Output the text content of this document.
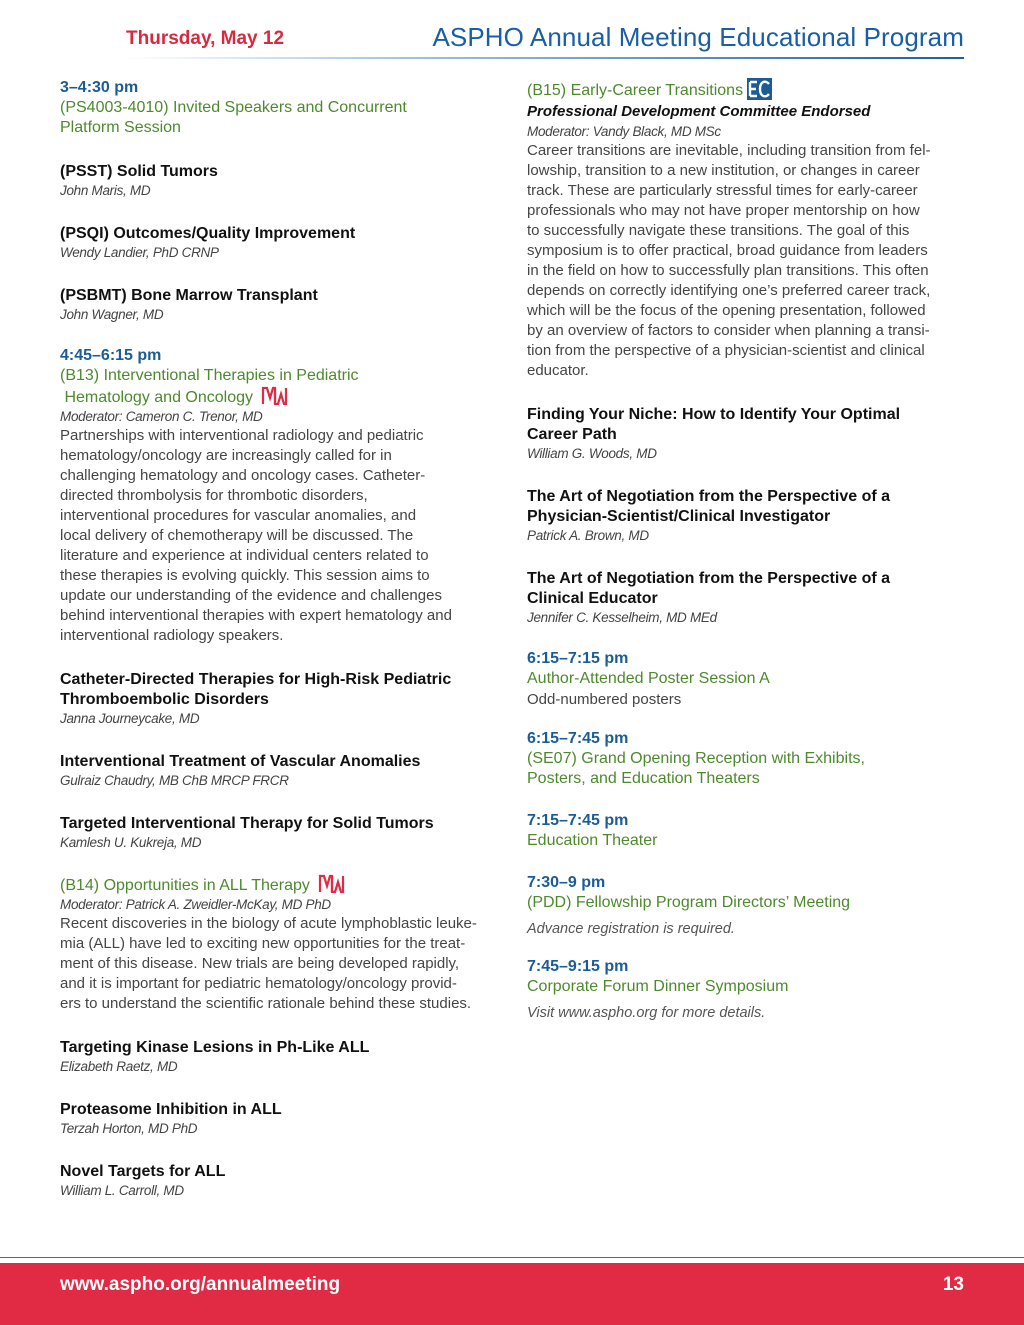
Thursday, May 12	ASPHO Annual Meeting Educational Program
3–4:30 pm
(PS4003-4010) Invited Speakers and Concurrent
Platform Session
(PSST) Solid Tumors
John Maris, MD
(PSQI) Outcomes/Quality Improvement
Wendy Landier, PhD CRNP
(PSBMT) Bone Marrow Transplant
John Wagner, MD
4:45–6:15 pm
(B13) Interventional Therapies in Pediatric
Hematology and Oncology
Moderator: Cameron C. Trenor, MD
Partnerships with interventional radiology and pediatric
hematology/oncology are increasingly called for in
challenging hematology and oncology cases. Catheter-
directed thrombolysis for thrombotic disorders,
interventional procedures for vascular anomalies, and
local delivery of chemotherapy will be discussed. The
literature and experience at individual centers related to
these therapies is evolving quickly. This session aims to
update our understanding of the evidence and challenges
behind interventional therapies with expert hematology and
interventional radiology speakers.
Catheter-Directed Therapies for High-Risk Pediatric
Thromboembolic Disorders
Janna Journeycake, MD
Interventional Treatment of Vascular Anomalies
Gulraiz Chaudry, MB ChB MRCP FRCR
Targeted Interventional Therapy for Solid Tumors
Kamlesh U. Kukreja, MD
(B14) Opportunities in ALL Therapy
Moderator: Patrick A. Zweidler-McKay, MD PhD
Recent discoveries in the biology of acute lymphoblastic leuke-
mia (ALL) have led to exciting new opportunities for the treat-
ment of this disease. New trials are being developed rapidly,
and it is important for pediatric hematology/oncology provid-
ers to understand the scientific rationale behind these studies.
Targeting Kinase Lesions in Ph-Like ALL
Elizabeth Raetz, MD
Proteasome Inhibition in ALL
Terzah Horton, MD PhD
Novel Targets for ALL
William L. Carroll, MD
(B15) Early-Career Transitions
Professional Development Committee Endorsed
Moderator: Vandy Black, MD MSc
Career transitions are inevitable, including transition from fel-
lowship, transition to a new institution, or changes in career
track. These are particularly stressful times for early-career
professionals who may not have proper mentorship on how
to successfully navigate these transitions. The goal of this
symposium is to offer practical, broad guidance from leaders
in the field on how to successfully plan transitions. This often
depends on correctly identifying one’s preferred career track,
which will be the focus of the opening presentation, followed
by an overview of factors to consider when planning a transi-
tion from the perspective of a physician-scientist and clinical
educator.
Finding Your Niche: How to Identify Your Optimal
Career Path
William G. Woods, MD
The Art of Negotiation from the Perspective of a
Physician-Scientist/Clinical Investigator
Patrick A. Brown, MD
The Art of Negotiation from the Perspective of a
Clinical Educator
Jennifer C. Kesselheim, MD MEd
6:15–7:15 pm
Author-Attended Poster Session A
Odd-numbered posters
6:15–7:45 pm
(SE07) Grand Opening Reception with Exhibits,
Posters, and Education Theaters
7:15–7:45 pm
Education Theater
7:30–9 pm
(PDD) Fellowship Program Directors’ Meeting
Advance registration is required.
7:45–9:15 pm
Corporate Forum Dinner Symposium
Visit www.aspho.org for more details.
www.aspho.org/annualmeeting	13
